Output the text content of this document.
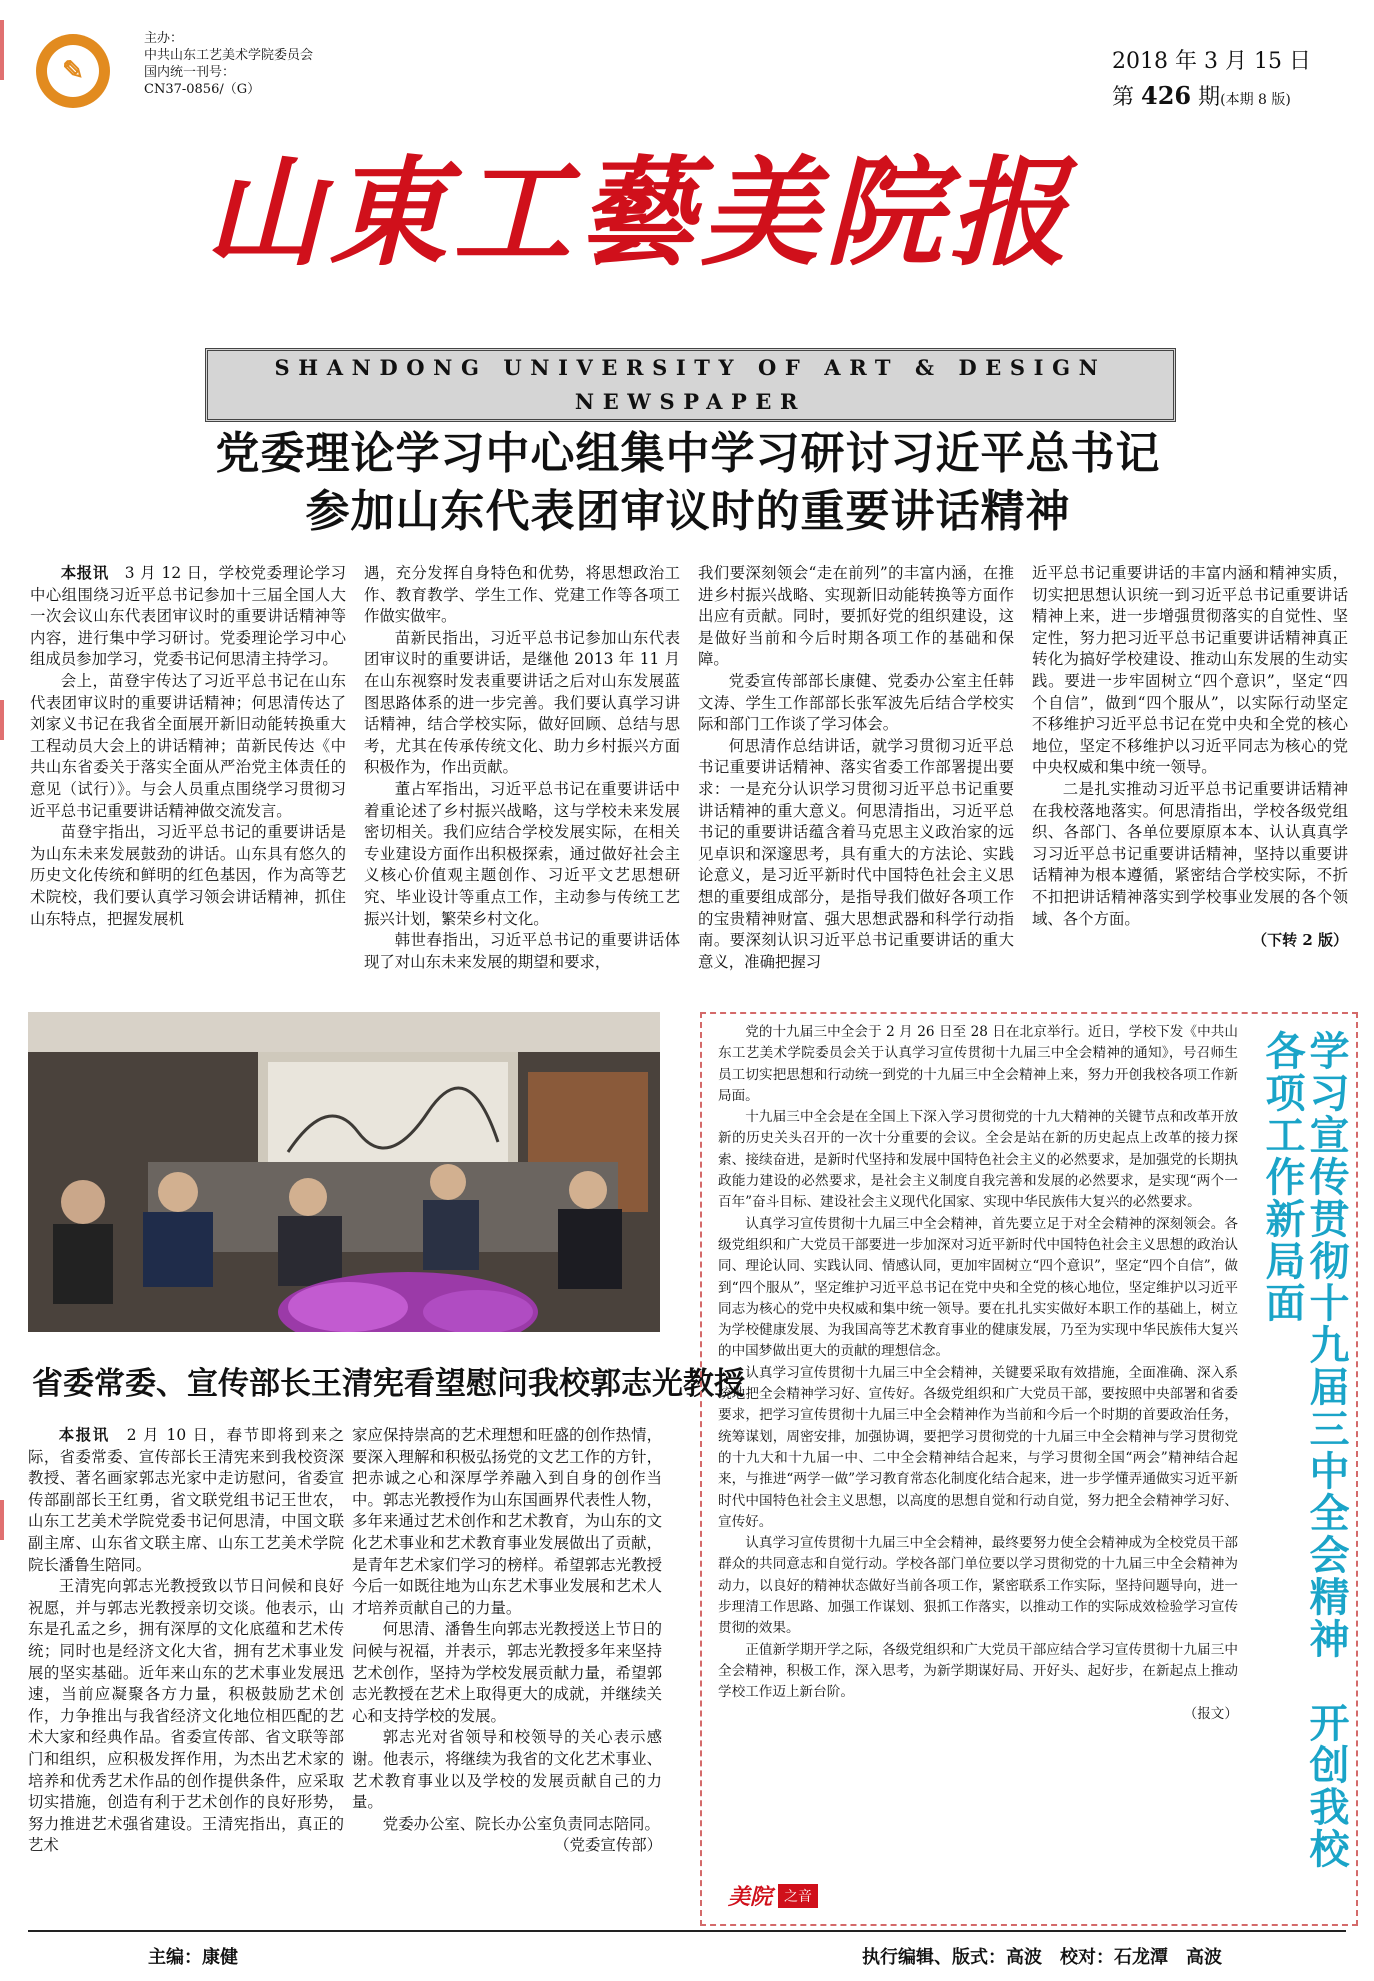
✎
主办：
中共山东工艺美术学院委员会
国内统一刊号：
CN37-0856/（G）
2018 年 3 月 15 日
第 426 期(本期 8 版)
山東工藝美院报
SHANDONG UNIVERSITY OF ART & DESIGN NEWSPAPER
党委理论学习中心组集中学习研讨习近平总书记
参加山东代表团审议时的重要讲话精神

本报讯　 3 月 12 日，学校党委理论学习中心组围绕习近平总书记参加十三届全国人大一次会议山东代表团审议时的重要讲话精神等内容，进行集中学习研讨。党委理论学习中心组成员参加学习，党委书记何思清主持学习。

会上，苗登宇传达了习近平总书记在山东代表团审议时的重要讲话精神；何思清传达了刘家义书记在我省全面展开新旧动能转换重大工程动员大会上的讲话精神；苗新民传达《中共山东省委关于落实全面从严治党主体责任的意见（试行）》。与会人员重点围绕学习贯彻习近平总书记重要讲话精神做交流发言。

苗登宇指出，习近平总书记的重要讲话是为山东未来发展鼓劲的讲话。山东具有悠久的历史文化传统和鲜明的红色基因，作为高等艺术院校，我们要认真学习领会讲话精神，抓住山东特点，把握发展机

遇，充分发挥自身特色和优势，将思想政治工作、教育教学、学生工作、党建工作等各项工作做实做牢。

苗新民指出，习近平总书记参加山东代表团审议时的重要讲话，是继他 2013 年 11 月在山东视察时发表重要讲话之后对山东发展蓝图思路体系的进一步完善。我们要认真学习讲话精神，结合学校实际，做好回顾、总结与思考，尤其在传承传统文化、助力乡村振兴方面积极作为，作出贡献。

董占军指出，习近平总书记在重要讲话中着重论述了乡村振兴战略，这与学校未来发展密切相关。我们应结合学校发展实际，在相关专业建设方面作出积极探索，通过做好社会主义核心价值观主题创作、习近平文艺思想研究、毕业设计等重点工作，主动参与传统工艺振兴计划，繁荣乡村文化。

韩世春指出，习近平总书记的重要讲话体现了对山东未来发展的期望和要求，

我们要深刻领会“走在前列”的丰富内涵，在推进乡村振兴战略、实现新旧动能转换等方面作出应有贡献。同时，要抓好党的组织建设，这是做好当前和今后时期各项工作的基础和保障。

党委宣传部部长康健、党委办公室主任韩文涛、学生工作部部长张军波先后结合学校实际和部门工作谈了学习体会。

何思清作总结讲话，就学习贯彻习近平总书记重要讲话精神、落实省委工作部署提出要求：一是充分认识学习贯彻习近平总书记重要讲话精神的重大意义。何思清指出，习近平总书记的重要讲话蕴含着马克思主义政治家的远见卓识和深邃思考，具有重大的方法论、实践论意义，是习近平新时代中国特色社会主义思想的重要组成部分，是指导我们做好各项工作的宝贵精神财富、强大思想武器和科学行动指南。要深刻认识习近平总书记重要讲话的重大意义，准确把握习

近平总书记重要讲话的丰富内涵和精神实质，切实把思想认识统一到习近平总书记重要讲话精神上来，进一步增强贯彻落实的自觉性、坚定性，努力把习近平总书记重要讲话精神真正转化为搞好学校建设、推动山东发展的生动实践。要进一步牢固树立“四个意识”，坚定“四个自信”，做到“四个服从”，以实际行动坚定不移维护习近平总书记在党中央和全党的核心地位，坚定不移维护以习近平同志为核心的党中央权威和集中统一领导。

二是扎实推动习近平总书记重要讲话精神在我校落地落实。何思清指出，学校各级党组织、各部门、各单位要原原本本、认认真真学习习近平总书记重要讲话精神，坚持以重要讲话精神为根本遵循，紧密结合学校实际，不折不扣把讲话精神落实到学校事业发展的各个领域、各个方面。

（下转 2 版）
省委常委、宣传部长王清宪看望慰问我校郭志光教授

本报讯　 2 月 10 日，春节即将到来之际，省委常委、宣传部长王清宪来到我校资深教授、著名画家郭志光家中走访慰问，省委宣传部副部长王红勇，省文联党组书记王世农，山东工艺美术学院党委书记何思清，中国文联副主席、山东省文联主席、山东工艺美术学院院长潘鲁生陪同。

王清宪向郭志光教授致以节日问候和良好祝愿，并与郭志光教授亲切交谈。他表示，山东是孔孟之乡，拥有深厚的文化底蕴和艺术传统；同时也是经济文化大省，拥有艺术事业发展的坚实基础。近年来山东的艺术事业发展迅速，当前应凝聚各方力量，积极鼓励艺术创作，力争推出与我省经济文化地位相匹配的艺术大家和经典作品。省委宣传部、省文联等部门和组织，应积极发挥作用，为杰出艺术家的培养和优秀艺术作品的创作提供条件，应采取切实措施，创造有利于艺术创作的良好形势，努力推进艺术强省建设。王清宪指出，真正的艺术

家应保持崇高的艺术理想和旺盛的创作热情，要深入理解和积极弘扬党的文艺工作的方针，把赤诚之心和深厚学养融入到自身的创作当中。郭志光教授作为山东国画界代表性人物，多年来通过艺术创作和艺术教育，为山东的文化艺术事业和艺术教育事业发展做出了贡献，是青年艺术家们学习的榜样。希望郭志光教授今后一如既往地为山东艺术事业发展和艺术人才培养贡献自己的力量。

何思清、潘鲁生向郭志光教授送上节日的问候与祝福，并表示，郭志光教授多年来坚持艺术创作，坚持为学校发展贡献力量，希望郭志光教授在艺术上取得更大的成就，并继续关心和支持学校的发展。

郭志光对省领导和校领导的关心表示感谢。他表示，将继续为我省的文化艺术事业、艺术教育事业以及学校的发展贡献自己的力量。

党委办公室、院长办公室负责同志陪同。

（党委宣传部）

党的十九届三中全会于 2 月 26 日至 28 日在北京举行。近日，学校下发《中共山东工艺美术学院委员会关于认真学习宣传贯彻十九届三中全会精神的通知》，号召师生员工切实把思想和行动统一到党的十九届三中全会精神上来，努力开创我校各项工作新局面。

十九届三中全会是在全国上下深入学习贯彻党的十九大精神的关键节点和改革开放新的历史关头召开的一次十分重要的会议。全会是站在新的历史起点上改革的接力探索、接续奋进，是新时代坚持和发展中国特色社会主义的必然要求，是加强党的长期执政能力建设的必然要求，是社会主义制度自我完善和发展的必然要求，是实现“两个一百年”奋斗目标、建设社会主义现代化国家、实现中华民族伟大复兴的必然要求。

认真学习宣传贯彻十九届三中全会精神，首先要立足于对全会精神的深刻领会。各级党组织和广大党员干部要进一步加深对习近平新时代中国特色社会主义思想的政治认同、理论认同、实践认同、情感认同，更加牢固树立“四个意识”，坚定“四个自信”，做到“四个服从”，坚定维护习近平总书记在党中央和全党的核心地位，坚定维护以习近平同志为核心的党中央权威和集中统一领导。要在扎扎实实做好本职工作的基础上，树立为学校健康发展、为我国高等艺术教育事业的健康发展，乃至为实现中华民族伟大复兴的中国梦做出更大的贡献的理想信念。

认真学习宣传贯彻十九届三中全会精神，关键要采取有效措施，全面准确、深入系统地把全会精神学习好、宣传好。各级党组织和广大党员干部，要按照中央部署和省委要求，把学习宣传贯彻十九届三中全会精神作为当前和今后一个时期的首要政治任务，统筹谋划，周密安排，加强协调，要把学习贯彻党的十九届三中全会精神与学习贯彻党的十九大和十九届一中、二中全会精神结合起来，与学习贯彻全国“两会”精神结合起来，与推进“两学一做”学习教育常态化制度化结合起来，进一步学懂弄通做实习近平新时代中国特色社会主义思想，以高度的思想自觉和行动自觉，努力把全会精神学习好、宣传好。

认真学习宣传贯彻十九届三中全会精神，最终要努力使全会精神成为全校党员干部群众的共同意志和自觉行动。学校各部门单位要以学习贯彻党的十九届三中全会精神为动力，以良好的精神状态做好当前各项工作，紧密联系工作实际，坚持问题导向，进一步理清工作思路、加强工作谋划、狠抓工作落实，以推动工作的实际成效检验学习宣传贯彻的效果。

正值新学期开学之际，各级党组织和广大党员干部应结合学习宣传贯彻十九届三中全会精神，积极工作，深入思考，为新学期谋好局、开好头、起好步，在新起点上推动学校工作迈上新台阶。

（报文）	学习宣传贯彻十九届三中全会精神　开创我校各项工作新局面
美院 之音
主编：康健	执行编辑、版式：高波　校对：石龙潭　高波
